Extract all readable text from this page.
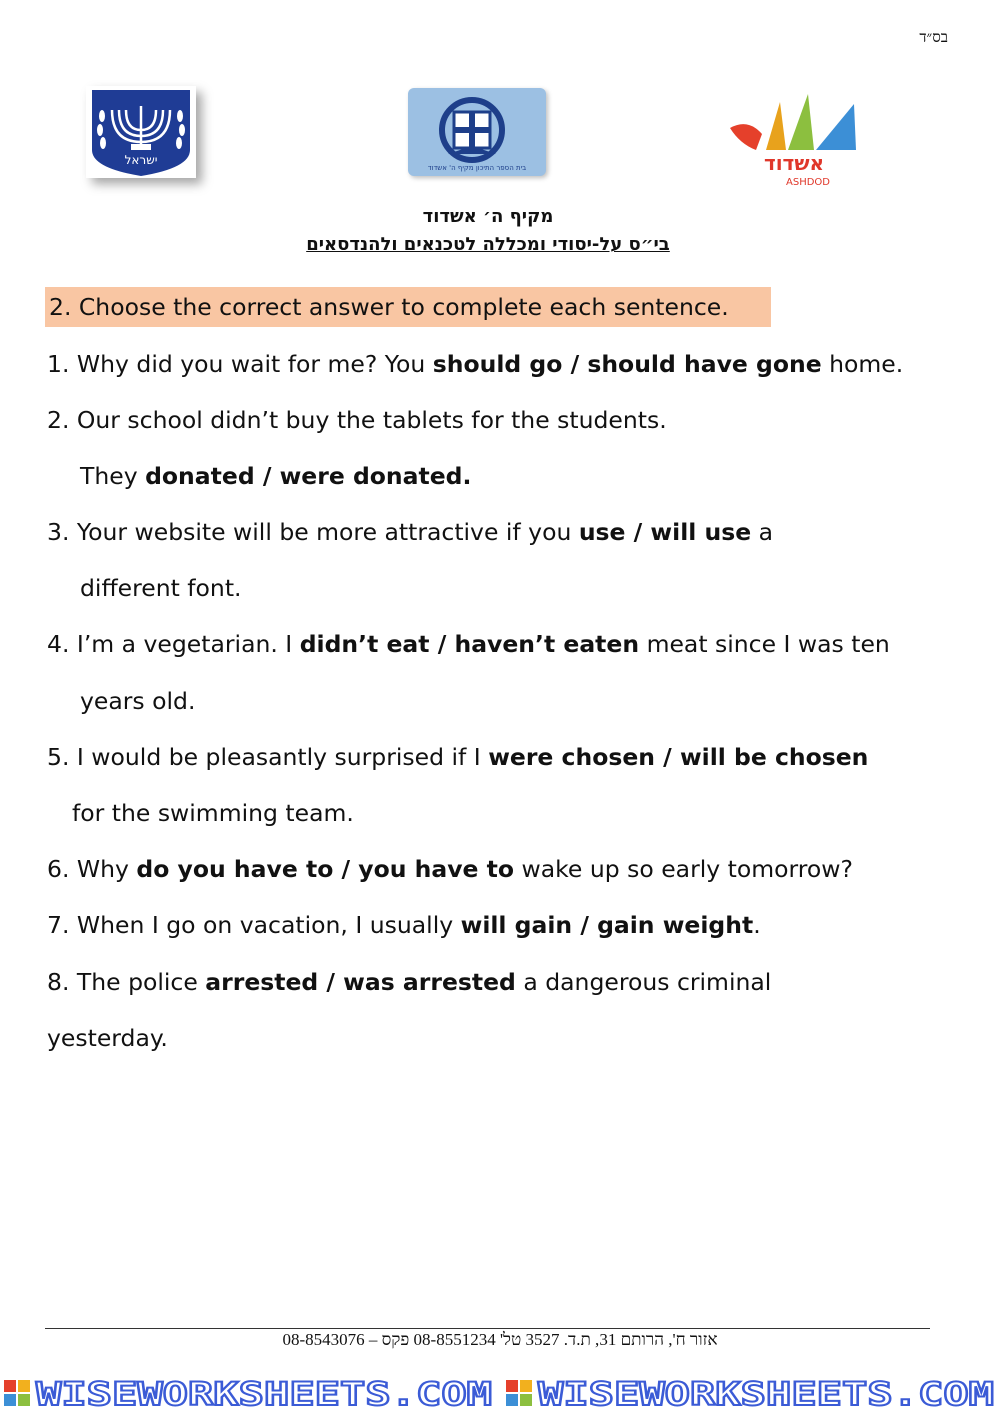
בס״ד
ישראל
בית הספר התיכון מקיף ה' אשדוד	אשדוד
ASHDOD
מקיף ה׳ אשדוד
בי״ס על-יסודי ומכללה לטכנאים ולהנדסאים
2. Choose the correct answer to complete each sentence.
1. Why did you wait for me? You should go / should have gone home.
2. Our school didn’t buy the tablets for the students.
They donated / were donated.
3. Your website will be more attractive if you use / will use a
different font.
4. I’m a vegetarian. I didn’t eat / haven’t eaten meat since I was ten
years old.
5. I would be pleasantly surprised if I were chosen / will be chosen
for the swimming team.
6. Why do you have to / you have to wake up so early tomorrow?
7. When I go on vacation, I usually will gain / gain weight.
8. The police arrested / was arrested a dangerous criminal
yesterday.
אזור ח', הרותם 31, ת.ד. 3527 טל' 08-8551234 פקס – 08-8543076
WISEWORKSHEETS.COM WISEWORKSHEETS.COM
